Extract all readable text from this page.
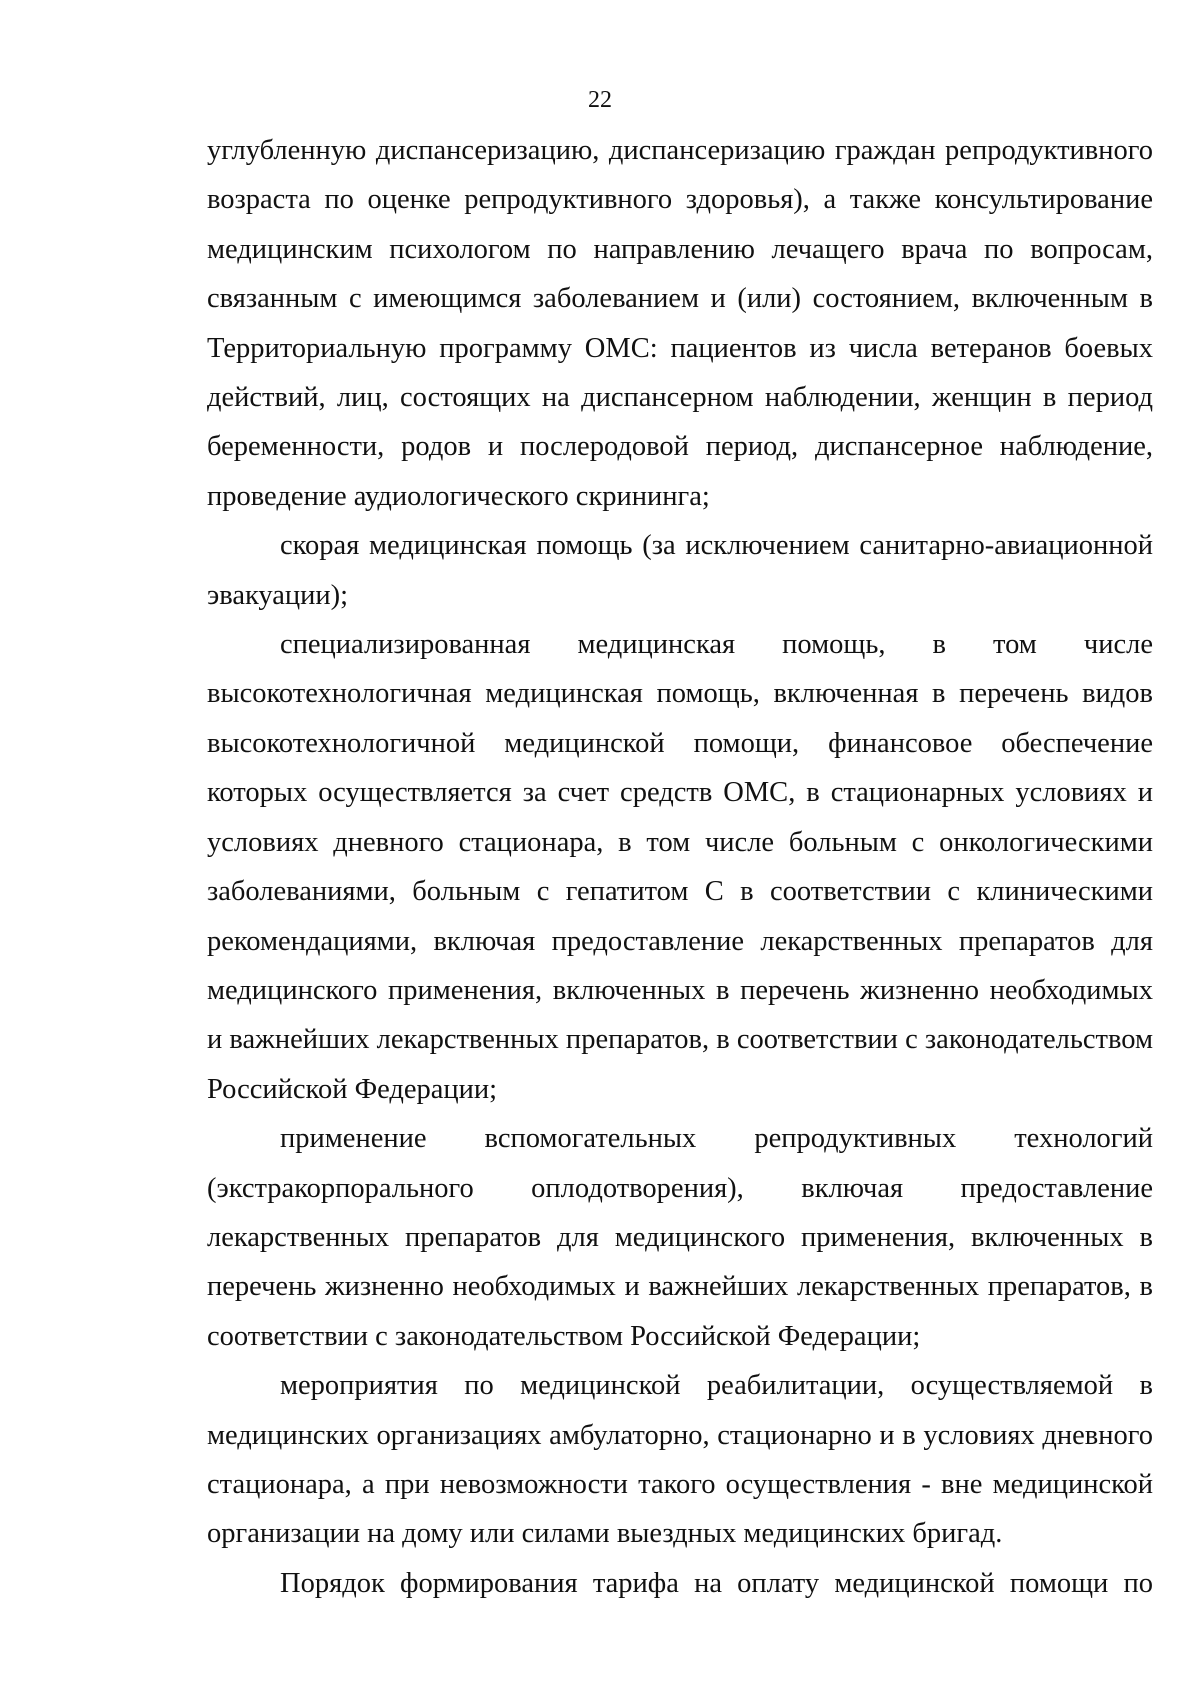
22

углубленную диспансеризацию, диспансеризацию граждан репродуктивного возраста по оценке репродуктивного здоровья), а также консультирование медицинским психологом по направлению лечащего врача по вопросам, связанным с имеющимся заболеванием и (или) состоянием, включенным в Территориальную программу ОМС: пациентов из числа ветеранов боевых действий, лиц, состоящих на диспансерном наблюдении, женщин в период беременности, родов и послеродовой период, диспансерное наблюдение, проведение аудиологического скрининга;

скорая медицинская помощь (за исключением санитарно-авиационной эвакуации);

специализированная медицинская помощь, в том числе высокотехнологичная медицинская помощь, включенная в перечень видов высокотехнологичной медицинской помощи, финансовое обеспечение которых осуществляется за счет средств ОМС, в стационарных условиях и условиях дневного стационара, в том числе больным с онкологическими заболеваниями, больным с гепатитом С в соответствии с клиническими рекомендациями, включая предоставление лекарственных препаратов для медицинского применения, включенных в перечень жизненно необходимых и важнейших лекарственных препаратов, в соответствии с законодательством Российской Федерации;

применение вспомогательных репродуктивных технологий (экстракорпорального оплодотворения), включая предоставление лекарственных препаратов для медицинского применения, включенных в перечень жизненно необходимых и важнейших лекарственных препаратов, в соответствии с законодательством Российской Федерации;

мероприятия по медицинской реабилитации, осуществляемой в медицинских организациях амбулаторно, стационарно и в условиях дневного стационара, а при невозможности такого осуществления - вне медицинской организации на дому или силами выездных медицинских бригад.

Порядок формирования тарифа на оплату медицинской помощи по
